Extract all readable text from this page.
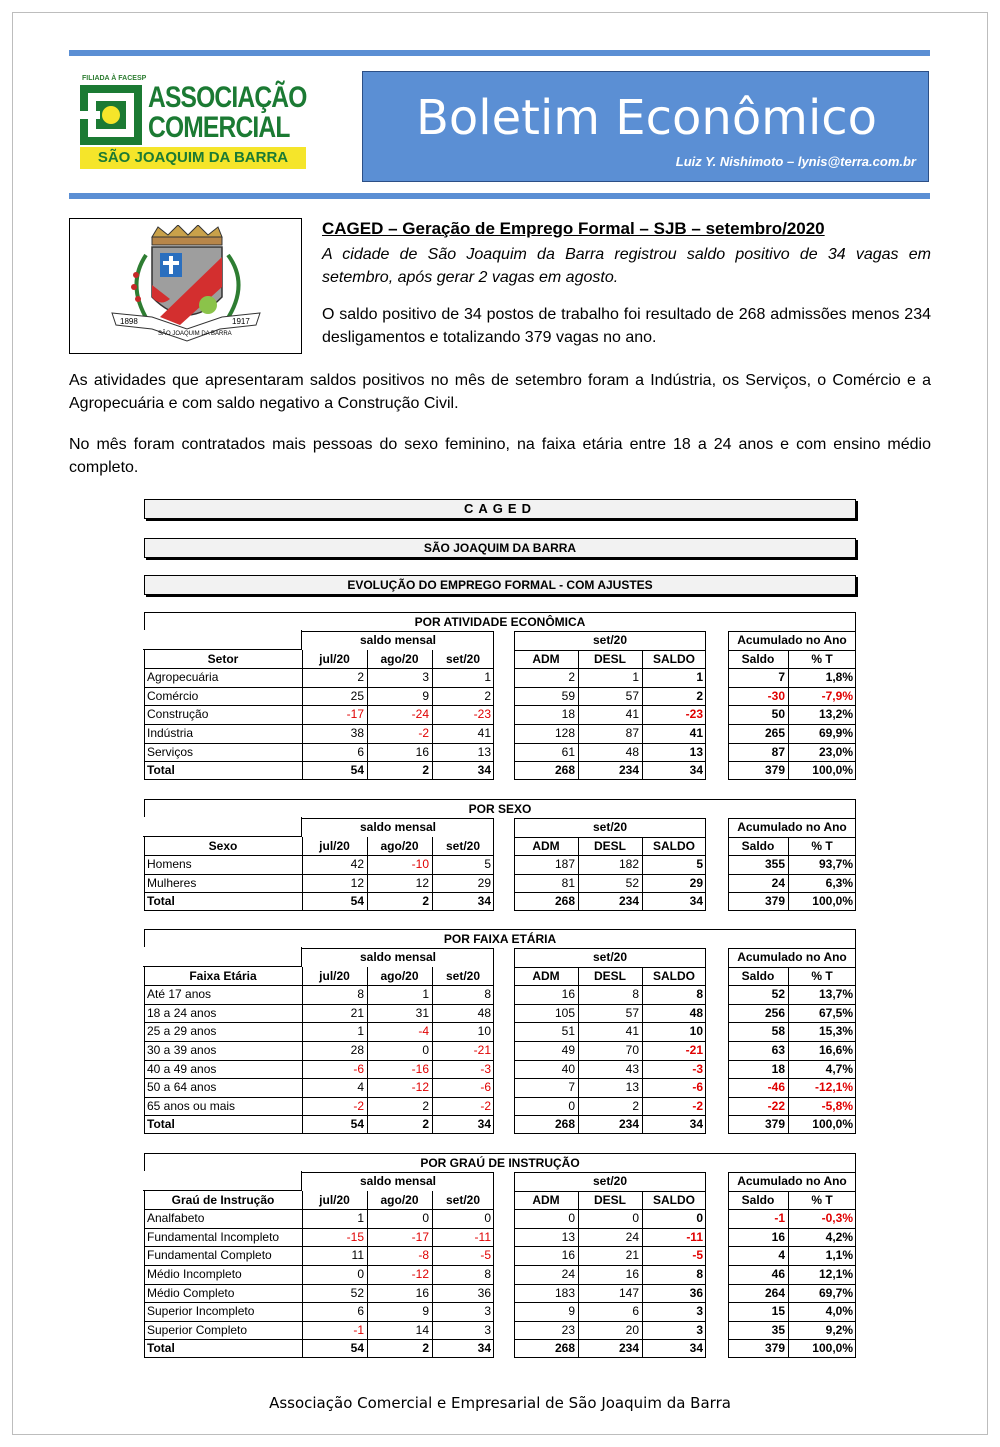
FILIADA À FACESP
ASSOCIAÇÃO
COMERCIAL
SÃO JOAQUIM DA BARRA
Boletim Econômico
Luiz Y. Nishimoto – lynis@terra.com.br
1898	1917
SÃO JOAQUIM DA BARRA
CAGED – Geração de Emprego Formal – SJB – setembro/2020

A cidade de São Joaquim da Barra registrou saldo positivo de 34 vagas em setembro, após gerar 2 vagas em agosto.

O saldo positivo de 34 postos de trabalho foi resultado de 268 admissões menos 234 desligamentos e totalizando 379 vagas no ano.

As atividades que apresentaram saldos positivos no mês de setembro foram a Indústria, os Serviços, o Comércio e a Agropecuária e com saldo negativo a Construção Civil.

No mês foram contratados mais pessoas do sexo feminino, na faixa etária entre 18 a 24 anos e com ensino médio completo.

CAGED
SÃO JOAQUIM DA BARRA
EVOLUÇÃO DO EMPREGO FORMAL - COM AJUSTES
POR ATIVIDADE ECONÔMICA
saldo mensal	set/20	Acumulado no Ano
Setor	jul/20	ago/20	set/20	ADM	DESL	SALDO	Saldo	% T
Agropecuária	2	3	1	2	1	1	7	1,8%
Comércio	25	9	2	59	57	2	-30	-7,9%
Construção	-17	-24	-23	18	41	-23	50	13,2%
Indústria	38	-2	41	128	87	41	265	69,9%
Serviços	6	16	13	61	48	13	87	23,0%
Total	54	2	34	268	234	34	379	100,0%
POR SEXO
saldo mensal	set/20	Acumulado no Ano
Sexo	jul/20	ago/20	set/20	ADM	DESL	SALDO	Saldo	% T
Homens	42	-10	5	187	182	5	355	93,7%
Mulheres	12	12	29	81	52	29	24	6,3%
Total	54	2	34	268	234	34	379	100,0%
POR FAIXA ETÁRIA
saldo mensal	set/20	Acumulado no Ano
Faixa Etária	jul/20	ago/20	set/20	ADM	DESL	SALDO	Saldo	% T
Até 17 anos	8	1	8	16	8	8	52	13,7%
18 a 24 anos	21	31	48	105	57	48	256	67,5%
25 a 29 anos	1	-4	10	51	41	10	58	15,3%
30 a 39 anos	28	0	-21	49	70	-21	63	16,6%
40 a 49 anos	-6	-16	-3	40	43	-3	18	4,7%
50 a 64 anos	4	-12	-6	7	13	-6	-46	-12,1%
65 anos ou mais	-2	2	-2	0	2	-2	-22	-5,8%
Total	54	2	34	268	234	34	379	100,0%
POR GRAÚ DE INSTRUÇÃO
saldo mensal	set/20	Acumulado no Ano
Graú de Instrução	jul/20	ago/20	set/20	ADM	DESL	SALDO	Saldo	% T
Analfabeto	1	0	0	0	0	0	-1	-0,3%
Fundamental Incompleto	-15	-17	-11	13	24	-11	16	4,2%
Fundamental Completo	11	-8	-5	16	21	-5	4	1,1%
Médio Incompleto	0	-12	8	24	16	8	46	12,1%
Médio Completo	52	16	36	183	147	36	264	69,7%
Superior Incompleto	6	9	3	9	6	3	15	4,0%
Superior Completo	-1	14	3	23	20	3	35	9,2%
Total	54	2	34	268	234	34	379	100,0%
Associação Comercial e Empresarial de São Joaquim da Barra
